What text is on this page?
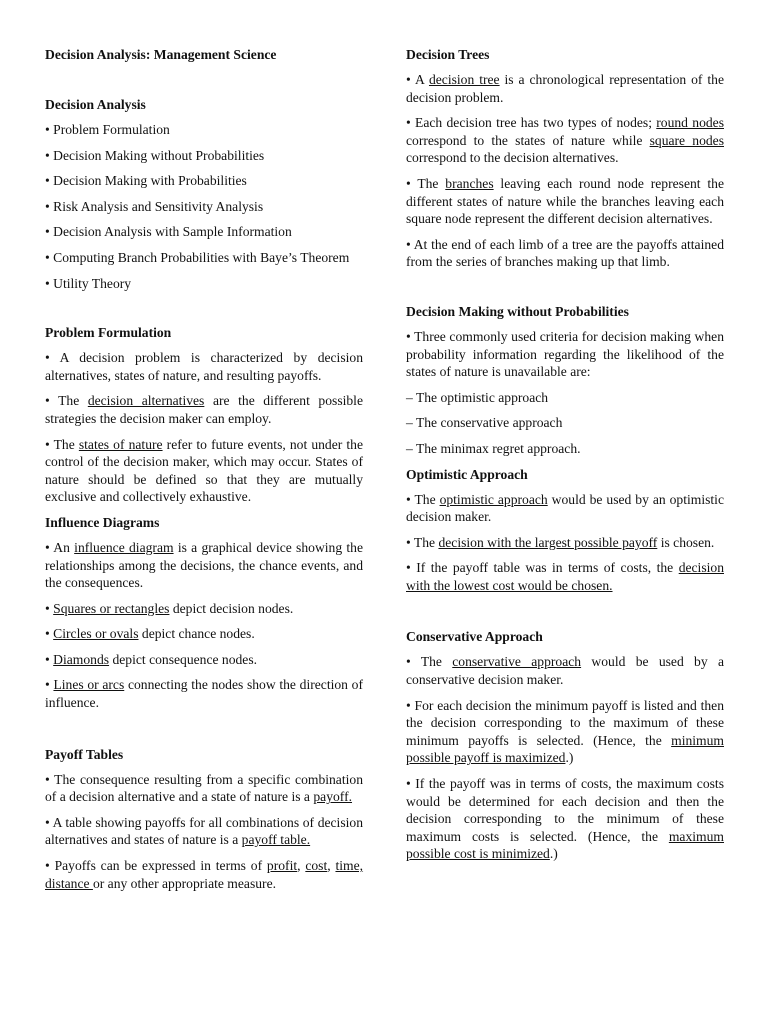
Decision Analysis: Management Science
Decision Analysis

• Problem Formulation

• Decision Making without Probabilities

• Decision Making with Probabilities

• Risk Analysis and Sensitivity Analysis

• Decision Analysis with Sample Information

• Computing Branch Probabilities with Baye’s Theorem

• Utility Theory

Problem Formulation

• A decision problem is characterized by decision alternatives, states of nature, and resulting payoffs.

• The decision alternatives are the different possible strategies the decision maker can employ.

• The states of nature refer to future events, not under the control of the decision maker, which may occur. States of nature should be defined so that they are mutually exclusive and collectively exhaustive.

Influence Diagrams

• An influence diagram is a graphical device showing the relationships among the decisions, the chance events, and the consequences.

• Squares or rectangles depict decision nodes.

• Circles or ovals depict chance nodes.

• Diamonds depict consequence nodes.

• Lines or arcs connecting the nodes show the direction of influence.

Payoff Tables

• The consequence resulting from a specific combination of a decision alternative and a state of nature is a payoff.

• A table showing payoffs for all combinations of decision alternatives and states of nature is a payoff table.

• Payoffs can be expressed in terms of profit, cost, time, distance or any other appropriate measure.

Decision Trees

• A decision tree is a chronological representation of the decision problem.

• Each decision tree has two types of nodes; round nodes correspond to the states of nature while square nodes correspond to the decision alternatives.

• The branches leaving each round node represent the different states of nature while the branches leaving each square node represent the different decision alternatives.

• At the end of each limb of a tree are the payoffs attained from the series of branches making up that limb.

Decision Making without Probabilities

• Three commonly used criteria for decision making when probability information regarding the likelihood of the states of nature is unavailable are:

– The optimistic approach

– The conservative approach

– The minimax regret approach.

Optimistic Approach

• The optimistic approach would be used by an optimistic decision maker.

• The decision with the largest possible payoff is chosen.

• If the payoff table was in terms of costs, the decision with the lowest cost would be chosen.

Conservative Approach

• The conservative approach would be used by a conservative decision maker.

• For each decision the minimum payoff is listed and then the decision corresponding to the maximum of these minimum payoffs is selected. (Hence, the minimum possible payoff is maximized.)

• If the payoff was in terms of costs, the maximum costs would be determined for each decision and then the decision corresponding to the minimum of these maximum costs is selected. (Hence, the maximum possible cost is minimized.)
